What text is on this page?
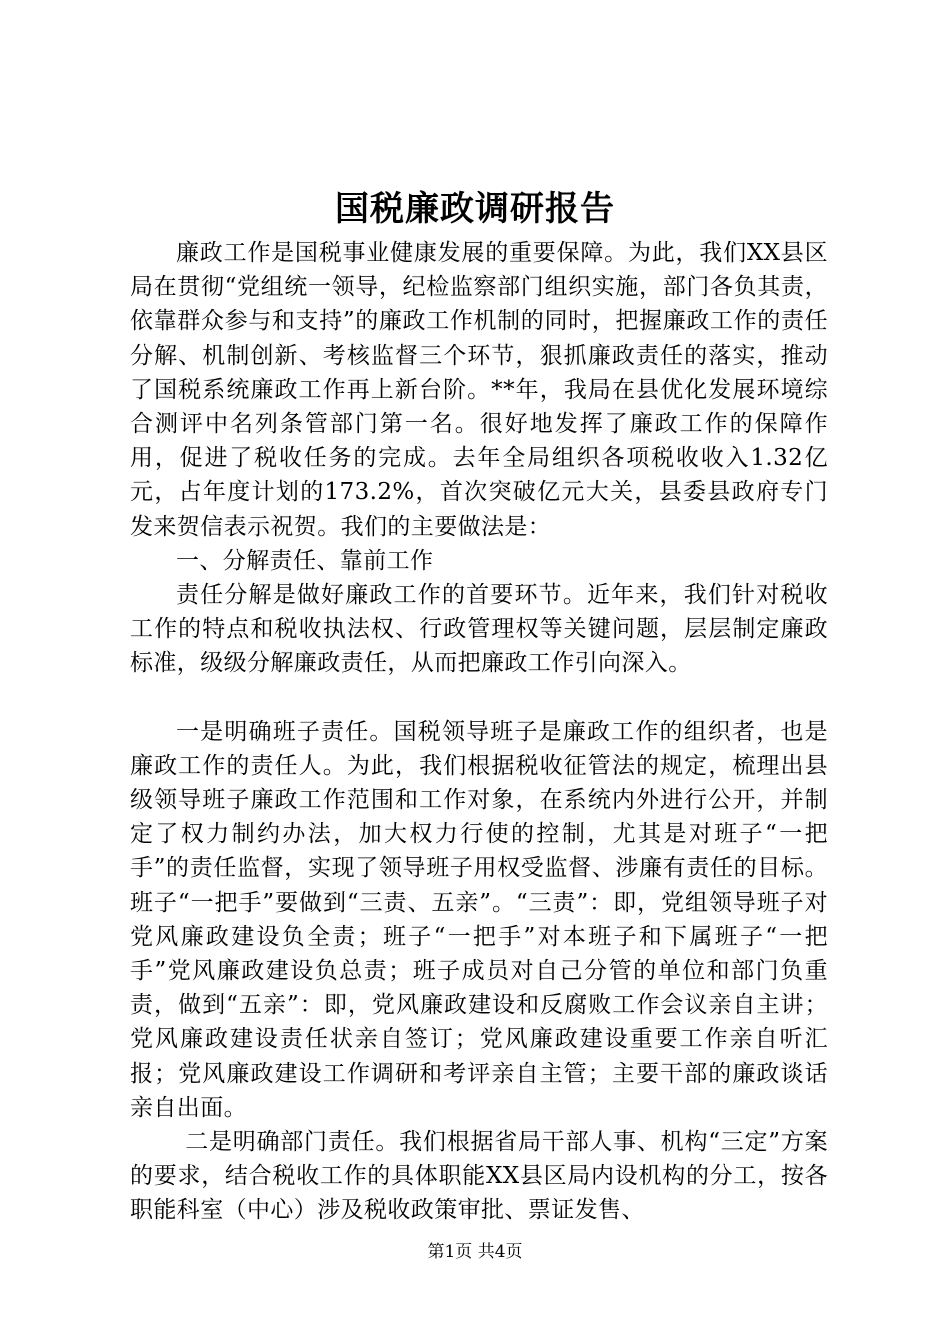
国税廉政调研报告

廉政工作是国税事业健康发展的重要保障。为此，我们XX县区局在贯彻“党组统一领导，纪检监察部门组织实施，部门各负其责，依靠群众参与和支持”的廉政工作机制的同时，把握廉政工作的责任分解、机制创新、考核监督三个环节，狠抓廉政责任的落实，推动了国税系统廉政工作再上新台阶。**年，我局在县优化发展环境综合测评中名列条管部门第一名。很好地发挥了廉政工作的保障作用，促进了税收任务的完成。去年全局组织各项税收收入1.32亿元，占年度计划的173.2%，首次突破亿元大关，县委县政府专门发来贺信表示祝贺。我们的主要做法是：

一、分解责任、靠前工作

责任分解是做好廉政工作的首要环节。近年来，我们针对税收工作的特点和税收执法权、行政管理权等关键问题，层层制定廉政标准，级级分解廉政责任，从而把廉政工作引向深入。

一是明确班子责任。国税领导班子是廉政工作的组织者，也是廉政工作的责任人。为此，我们根据税收征管法的规定，梳理出县级领导班子廉政工作范围和工作对象，在系统内外进行公开，并制定了权力制约办法，加大权力行使的控制，尤其是对班子“一把手”的责任监督，实现了领导班子用权受监督、涉廉有责任的目标。班子“一把手”要做到“三责、五亲”。“三责”：即，党组领导班子对党风廉政建设负全责；班子“一把手”对本班子和下属班子“一把手”党风廉政建设负总责；班子成员对自己分管的单位和部门负重责，做到“五亲”：即，党风廉政建设和反腐败工作会议亲自主讲；党风廉政建设责任状亲自签订；党风廉政建设重要工作亲自听汇报；党风廉政建设工作调研和考评亲自主管；主要干部的廉政谈话亲自出面。

二是明确部门责任。我们根据省局干部人事、机构“三定”方案的要求，结合税收工作的具体职能XX县区局内设机构的分工，按各职能科室（中心）涉及税收政策审批、票证发售、

第1页 共4页
